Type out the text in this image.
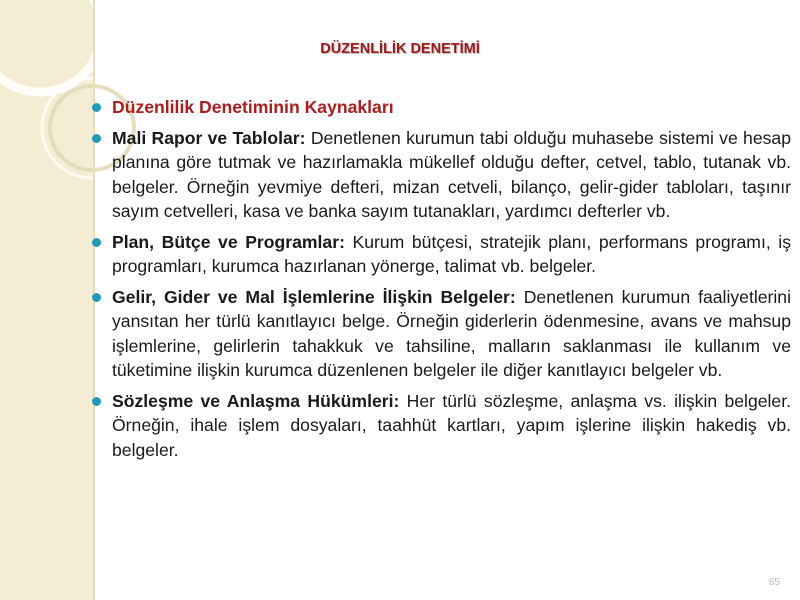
DÜZENLİLİK DENETİMİ
Düzenlilik Denetiminin Kaynakları
Mali Rapor ve Tablolar: Denetlenen kurumun tabi olduğu muhasebe sistemi ve hesap planına göre tutmak ve hazırlamakla mükellef olduğu defter, cetvel, tablo, tutanak vb. belgeler. Örneğin yevmiye defteri, mizan cetveli, bilanço, gelir-gider tabloları, taşınır sayım cetvelleri, kasa ve banka sayım tutanakları, yardımcı defterler vb.
Plan, Bütçe ve Programlar: Kurum bütçesi, stratejik planı, performans programı, iş programları, kurumca hazırlanan yönerge, talimat vb. belgeler.
Gelir, Gider ve Mal İşlemlerine İlişkin Belgeler: Denetlenen kurumun faaliyetlerini yansıtan her türlü kanıtlayıcı belge. Örneğin giderlerin ödenmesine, avans ve mahsup işlemlerine, gelirlerin tahakkuk ve tahsiline, malların saklanması ile kullanım ve tüketimine ilişkin kurumca düzenlenen belgeler ile diğer kanıtlayıcı belgeler vb.
Sözleşme ve Anlaşma Hükümleri: Her türlü sözleşme, anlaşma vs. ilişkin belgeler. Örneğin, ihale işlem dosyaları, taahhüt kartları, yapım işlerine ilişkin hakediş vb. belgeler.
65
